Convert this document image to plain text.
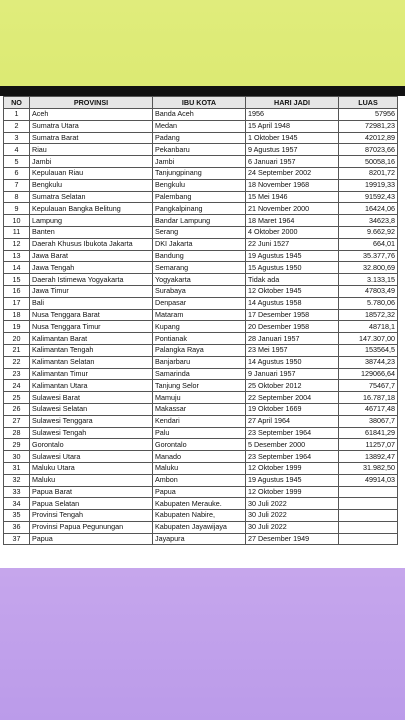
NO	PROVINSI	IBU KOTA	HARI JADI	LUAS
1	Aceh	Banda Aceh	1956	57956
2	Sumatra Utara	Medan	15 April 1948	72981,23
3	Sumatra Barat	Padang	1 Oktober 1945	42012,89
4	Riau	Pekanbaru	9 Agustus 1957	87023,66
5	Jambi	Jambi	6 Januari 1957	50058,16
6	Kepulauan Riau	Tanjungpinang	24 September 2002	8201,72
7	Bengkulu	Bengkulu	18 November 1968	19919,33
8	Sumatra Selatan	Palembang	15 Mei 1946	91592,43
9	Kepulauan Bangka Belitung	Pangkalpinang	21 November 2000	16424,06
10	Lampung	Bandar Lampung	18 Maret 1964	34623,8
11	Banten	Serang	4 Oktober 2000	9.662,92
12	Daerah Khusus Ibukota Jakarta	DKI Jakarta	22 Juni 1527	664,01
13	Jawa Barat	Bandung	19 Agustus 1945	35.377,76
14	Jawa Tengah	Semarang	15 Agustus 1950	32.800,69
15	Daerah Istimewa Yogyakarta	Yogyakarta	Tidak ada	3.133,15
16	Jawa Timur	Surabaya	12 Oktober 1945	47803,49
17	Bali	Denpasar	14 Agustus 1958	5.780,06
18	Nusa Tenggara Barat	Mataram	17 Desember 1958	18572,32
19	Nusa Tenggara Timur	Kupang	20 Desember 1958	48718,1
20	Kalimantan Barat	Pontianak	28 Januari 1957	147.307,00
21	Kalimantan Tengah	Palangka Raya	23 Mei 1957	153564,5
22	Kalimantan Selatan	Banjarbaru	14 Agustus 1950	38744,23
23	Kalimantan Timur	Samarinda	9 Januari 1957	129066,64
24	Kalimantan Utara	Tanjung Selor	25 Oktober 2012	75467,7
25	Sulawesi Barat	Mamuju	22 September 2004	16.787,18
26	Sulawesi Selatan	Makassar	19 Oktober 1669	46717,48
27	Sulawesi Tenggara	Kendari	27 April 1964	38067,7
28	Sulawesi Tengah	Palu	23 September 1964	61841,29
29	Gorontalo	Gorontalo	5 Desember 2000	11257,07
30	Sulawesi Utara	Manado	23 September 1964	13892,47
31	Maluku Utara	Maluku	12 Oktober 1999	31.982,50
32	Maluku	Ambon	19 Agustus 1945	49914,03
33	Papua Barat	Papua	12 Oktober 1999	
34	Papua Selatan	Kabupaten Merauke.	30 Juli 2022	
35	Provinsi Tengah	Kabupaten Nabire,	30 Juli 2022	
36	Provinsi Papua Pegunungan	Kabupaten Jayawijaya	30 Juli 2022	
37	Papua	Jayapura	27 Desember 1949	
